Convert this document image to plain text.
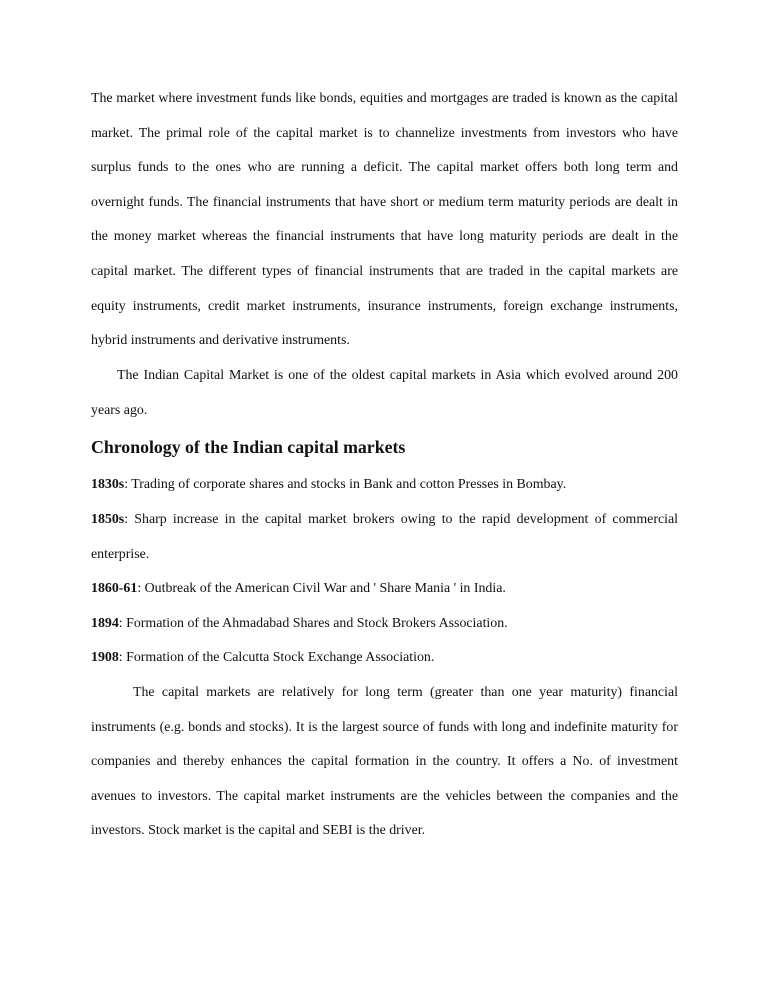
The market where investment funds like bonds, equities and mortgages are traded is known as the capital market. The primal role of the capital market is to channelize investments from investors who have surplus funds to the ones who are running a deficit. The capital market offers both long term and overnight funds. The financial instruments that have short or medium term maturity periods are dealt in the money market whereas the financial instruments that have long maturity periods are dealt in the capital market. The different types of financial instruments that are traded in the capital markets are equity instruments, credit market instruments, insurance instruments, foreign exchange instruments, hybrid instruments and derivative instruments.

The Indian Capital Market is one of the oldest capital markets in Asia which evolved around 200 years ago.

Chronology of the Indian capital markets

1830s: Trading of corporate shares and stocks in Bank and cotton Presses in Bombay.

1850s: Sharp increase in the capital market brokers owing to the rapid development of commercial enterprise.

1860-61: Outbreak of the American Civil War and ' Share Mania ' in India.

1894: Formation of the Ahmadabad Shares and Stock Brokers Association.

1908: Formation of the Calcutta Stock Exchange Association.

The capital markets are relatively for long term (greater than one year maturity) financial instruments (e.g. bonds and stocks). It is the largest source of funds with long and indefinite maturity for companies and thereby enhances the capital formation in the country. It offers a No. of investment avenues to investors. The capital market instruments are the vehicles between the companies and the investors. Stock market is the capital and SEBI is the driver.
